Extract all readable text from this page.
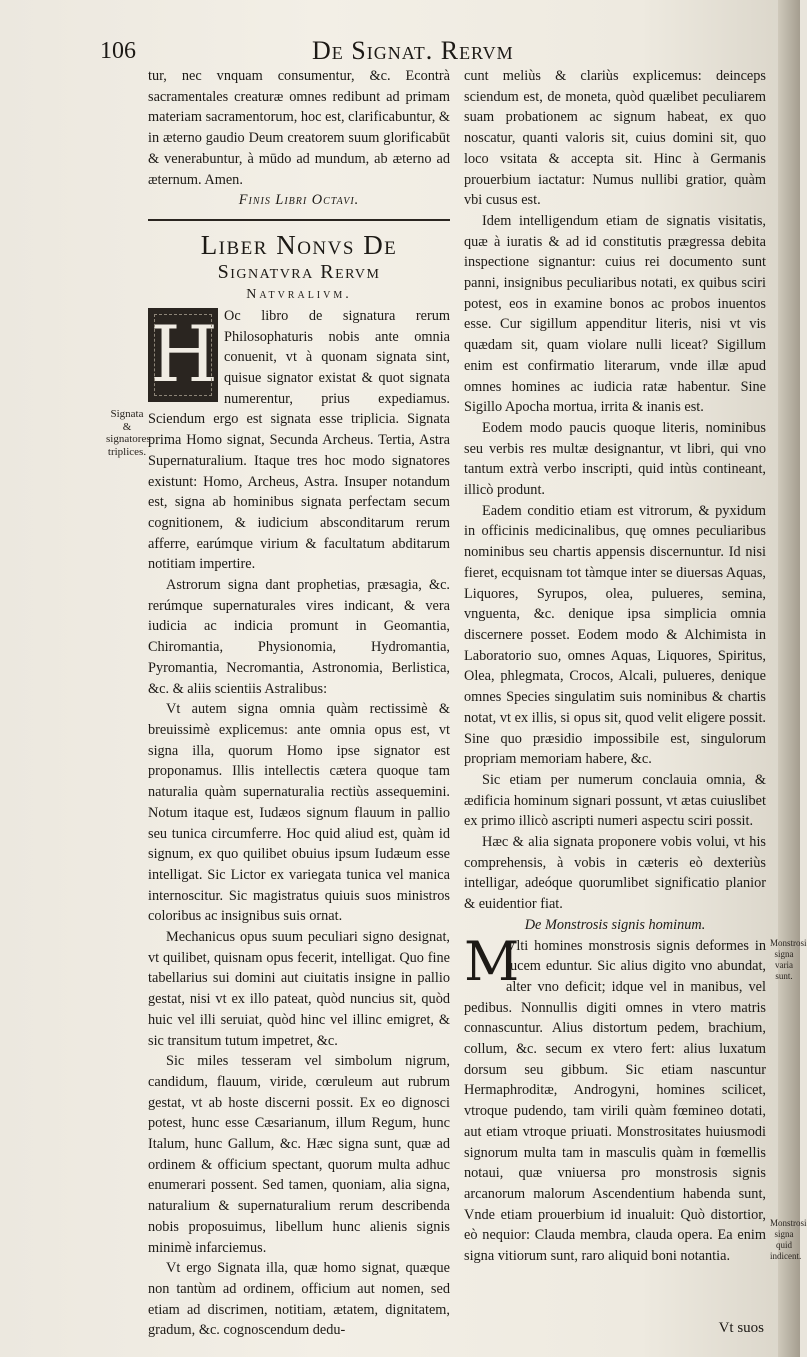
106	De Signat. Rervm

tur, nec vnquam consumentur, &c. Econtrà sacramentales creaturæ omnes redibunt ad primam materiam sacramentorum, hoc est, clarificabuntur, & in æterno gaudio Deum creatorem suum glorificabūt & venerabuntur, à mūdo ad mundum, ab æterno ad æternum. Amen.

Finis Libri Octavi.

Liber Nonvs De

Signatvra Rervm

Natvralivm.

H Oc libro de signatura rerum Philosophaturis nobis ante omnia conuenit, vt à quonam signata sint, quisue signator existat & quot signata numerentur, prius expediamus. Sciendum ergo est signata esse triplicia. Signata prima Homo signat, Secunda Archeus. Tertia, Astra Supernaturalium. Itaque tres hoc modo signatores existunt: Homo, Archeus, Astra. Insuper notandum est, signa ab hominibus signata perfectam secum cognitionem, & iudicium absconditarum rerum afferre, earúmque virium & facultatum abditarum notitiam impertire.

Astrorum signa dant prophetias, præsagia, &c. rerúmque supernaturales vires indicant, & vera iudicia ac indicia promunt in Geomantia, Chiromantia, Physionomia, Hydromantia, Pyromantia, Necromantia, Astronomia, Berlistica, &c. & aliis scientiis Astralibus:

Vt autem signa omnia quàm rectissimè & breuissimè explicemus: ante omnia opus est, vt signa illa, quorum Homo ipse signator est proponamus. Illis intellectis cætera quoque tam naturalia quàm supernaturalia rectiùs assequemini. Notum itaque est, Iudæos signum flauum in pallio seu tunica circumferre. Hoc quid aliud est, quàm id signum, ex quo quilibet obuius ipsum Iudæum esse intelligat. Sic Lictor ex variegata tunica vel manica internoscitur. Sic magistratus quiuis suos ministros coloribus ac insignibus suis ornat.

Mechanicus opus suum peculiari signo designat, vt quilibet, quisnam opus fecerit, intelligat. Quo fine tabellarius sui domini aut ciuitatis insigne in pallio gestat, nisi vt ex illo pateat, quòd nuncius sit, quòd huic vel illi seruiat, quòd hinc vel illinc emigret, & sic transitum tutum impetret, &c.

Sic miles tesseram vel simbolum nigrum, candidum, flauum, viride, cœruleum aut rubrum gestat, vt ab hoste discerni possit. Ex eo dignosci potest, hunc esse Cæsarianum, illum Regum, hunc Italum, hunc Gallum, &c. Hæc signa sunt, quæ ad ordinem & officium spectant, quorum multa adhuc enumerari possent. Sed tamen, quoniam, alia signa, naturalium & supernaturalium rerum describenda nobis proposuimus, libellum hunc alienis signis minimè infarciemus.

Vt ergo Signata illa, quæ homo signat, quæque non tantùm ad ordinem, officium aut nomen, sed etiam ad discrimen, notitiam, ætatem, dignitatem, gradum, &c. cognoscendum dedu-

Signata & signatores triplices.

cunt meliùs & clariùs explicemus: deinceps sciendum est, de moneta, quòd quælibet peculiarem suam probationem ac signum habeat, ex quo noscatur, quanti valoris sit, cuius domini sit, quo loco vsitata & accepta sit. Hinc à Germanis prouerbium iactatur: Numus nullibi gratior, quàm vbi cusus est.

Idem intelligendum etiam de signatis visitatis, quæ à iuratis & ad id constitutis prægressa debita inspectione signantur: cuius rei documento sunt panni, insignibus peculiaribus notati, ex quibus sciri potest, eos in examine bonos ac probos inuentos esse. Cur sigillum appenditur literis, nisi vt vis quædam sit, quam violare nulli liceat? Sigillum enim est confirmatio literarum, vnde illæ apud omnes homines ac iudicia ratæ habentur. Sine Sigillo Apocha mortua, irrita & inanis est.

Eodem modo paucis quoque literis, nominibus seu verbis res multæ designantur, vt libri, qui vno tantum extrà verbo inscripti, quid intùs contineant, illicò produnt.

Eadem conditio etiam est vitrorum, & pyxidum in officinis medicinalibus, quę omnes peculiaribus nominibus seu chartis appensis discernuntur. Id nisi fieret, ecquisnam tot tàmque inter se diuersas Aquas, Liquores, Syrupos, olea, pulueres, semina, vnguenta, &c. denique ipsa simplicia omnia discernere posset. Eodem modo & Alchimista in Laboratorio suo, omnes Aquas, Liquores, Spiritus, Olea, phlegmata, Crocos, Alcali, pulueres, denique omnes Species singulatim suis nominibus & chartis notat, vt ex illis, si opus sit, quod velit eligere possit. Sine quo præsidio impossibile est, singulorum propriam memoriam habere, &c.

Sic etiam per numerum conclauia omnia, & ædificia hominum signari possunt, vt ætas cuiuslibet ex primo illicò ascripti numeri aspectu sciri possit.

Hæc & alia signata proponere vobis volui, vt his comprehensis, à vobis in cæteris eò dexteriùs intelligar, adeóque quorumlibet significatio planior & euidentior fiat.

De Monstrosis signis hominum.

M

Vlti homines monstrosis signis deformes in lucem eduntur. Sic alius digito vno abundat, alter vno deficit; idque vel in manibus, vel pedibus. Nonnullis digiti omnes in vtero matris connascuntur. Alius distortum pedem, brachium, collum, &c. secum ex vtero fert: alius luxatum dorsum seu gibbum. Sic etiam nascuntur Hermaphroditæ, Androgyni, homines scilicet, vtroque pudendo, tam virili quàm fœmineo dotati, aut etiam vtroque priuati. Monstrositates huiusmodi signorum multa tam in masculis quàm in fœmellis notaui, quæ vniuersa pro monstrosis signis arcanorum malorum Ascendentium habenda sunt, Vnde etiam prouerbium id inualuit: Quò distortior, eò nequior: Clauda membra, clauda opera. Ea enim signa vitiorum sunt, raro aliquid boni notantia.

Monstrosi signa varia sunt.
Monstrosi signa quid indicent.
Vt suos
